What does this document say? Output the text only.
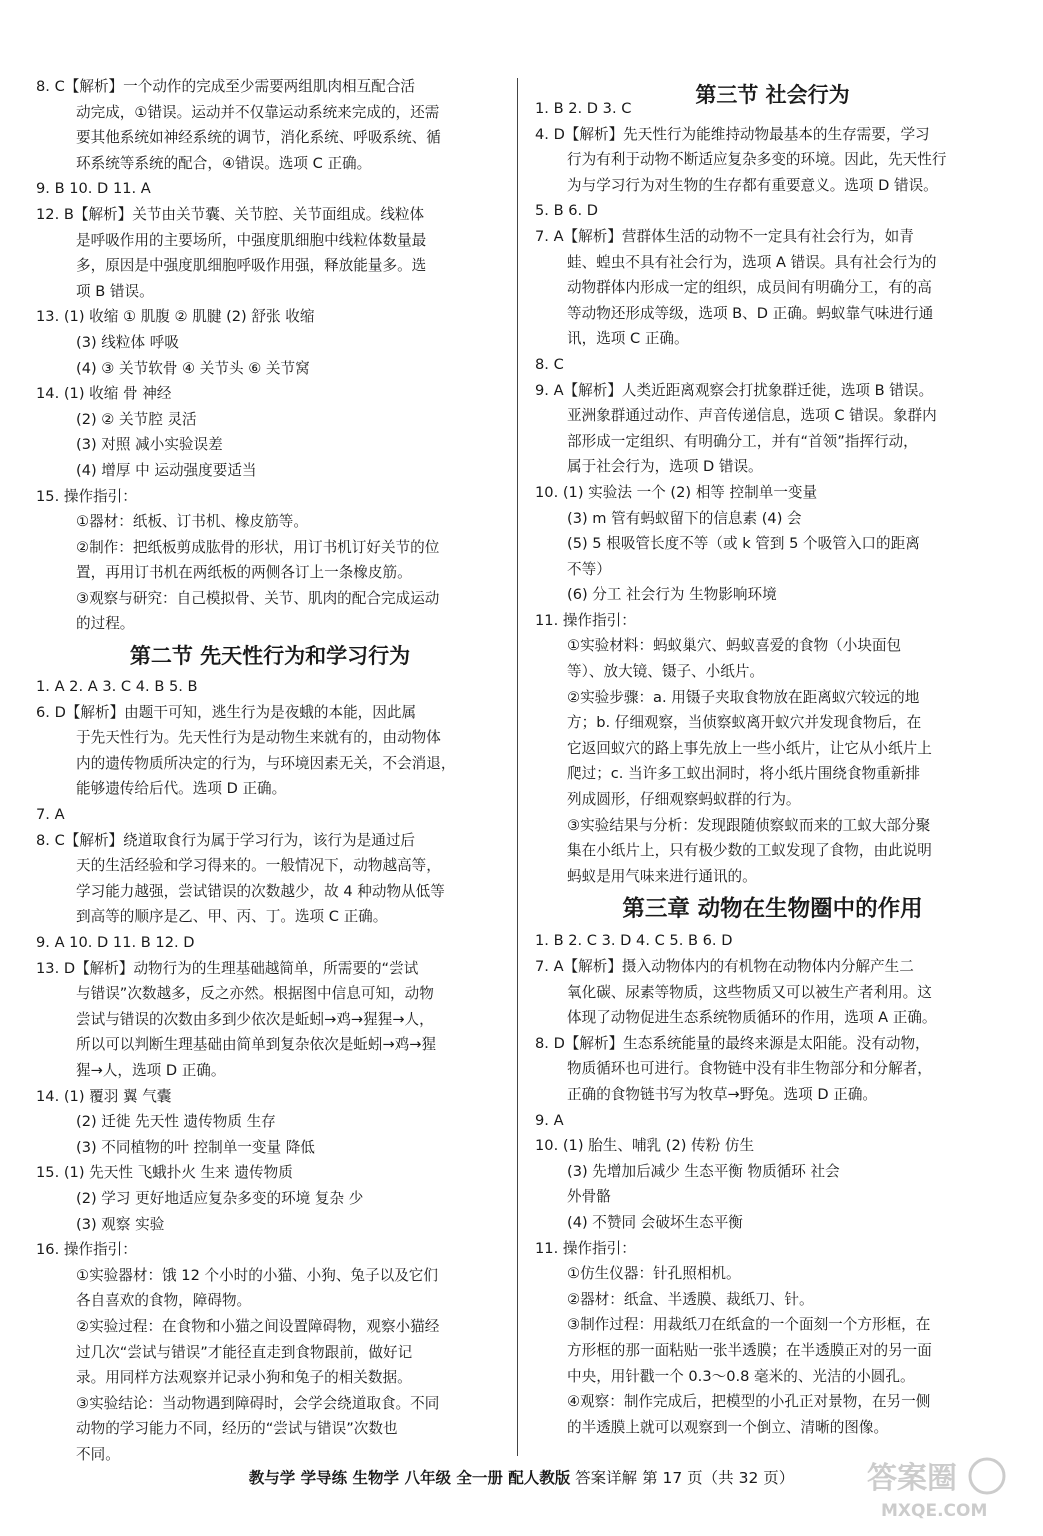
8. C【解析】一个动作的完成至少需要两组肌肉相互配合活
动完成，①错误。运动并不仅靠运动系统来完成的，还需
要其他系统如神经系统的调节，消化系统、呼吸系统、循
环系统等系统的配合，④错误。选项 C 正确。
9. B 10. D 11. A
12. B【解析】关节由关节囊、关节腔、关节面组成。线粒体
是呼吸作用的主要场所，中强度肌细胞中线粒体数量最
多，原因是中强度肌细胞呼吸作用强，释放能量多。选
项 B 错误。
13. (1) 收缩 ① 肌腹 ② 肌腱 (2) 舒张 收缩
(3) 线粒体 呼吸
(4) ③ 关节软骨 ④ 关节头 ⑥ 关节窝
14. (1) 收缩 骨 神经
(2) ② 关节腔 灵活
(3) 对照 减小实验误差
(4) 增厚 中 运动强度要适当
15. 操作指引：
①器材：纸板、订书机、橡皮筋等。
②制作：把纸板剪成肱骨的形状，用订书机订好关节的位
置，再用订书机在两纸板的两侧各订上一条橡皮筋。
③观察与研究：自己模拟骨、关节、肌肉的配合完成运动
的过程。
第二节 先天性行为和学习行为
1. A 2. A 3. C 4. B 5. B
6. D【解析】由题干可知，逃生行为是夜蛾的本能，因此属
于先天性行为。先天性行为是动物生来就有的，由动物体
内的遗传物质所决定的行为，与环境因素无关，不会消退，
能够遗传给后代。选项 D 正确。
7. A
8. C【解析】绕道取食行为属于学习行为，该行为是通过后
天的生活经验和学习得来的。一般情况下，动物越高等，
学习能力越强，尝试错误的次数越少，故 4 种动物从低等
到高等的顺序是乙、甲、丙、丁。选项 C 正确。
9. A 10. D 11. B 12. D
13. D【解析】动物行为的生理基础越简单，所需要的“尝试
与错误”次数越多，反之亦然。根据图中信息可知，动物
尝试与错误的次数由多到少依次是蚯蚓→鸡→猩猩→人，
所以可以判断生理基础由简单到复杂依次是蚯蚓→鸡→猩
猩→人，选项 D 正确。
14. (1) 覆羽 翼 气囊
(2) 迁徙 先天性 遗传物质 生存
(3) 不同植物的叶 控制单一变量 降低
15. (1) 先天性 飞蛾扑火 生来 遗传物质
(2) 学习 更好地适应复杂多变的环境 复杂 少
(3) 观察 实验
16. 操作指引：
①实验器材：饿 12 个小时的小猫、小狗、兔子以及它们
各自喜欢的食物，障碍物。
②实验过程：在食物和小猫之间设置障碍物，观察小猫经
过几次“尝试与错误”才能径直走到食物跟前，做好记
录。用同样方法观察并记录小狗和兔子的相关数据。
③实验结论：当动物遇到障碍时，会学会绕道取食。不同
动物的学习能力不同，经历的“尝试与错误”次数也
不同。
第三节 社会行为
1. B 2. D 3. C
4. D【解析】先天性行为能维持动物最基本的生存需要，学习
行为有利于动物不断适应复杂多变的环境。因此，先天性行
为与学习行为对生物的生存都有重要意义。选项 D 错误。
5. B 6. D
7. A【解析】营群体生活的动物不一定具有社会行为，如青
蛙、蝗虫不具有社会行为，选项 A 错误。具有社会行为的
动物群体内形成一定的组织，成员间有明确分工，有的高
等动物还形成等级，选项 B、D 正确。蚂蚁靠气味进行通
讯，选项 C 正确。
8. C
9. A【解析】人类近距离观察会打扰象群迁徙，选项 B 错误。
亚洲象群通过动作、声音传递信息，选项 C 错误。象群内
部形成一定组织、有明确分工，并有“首领”指挥行动，
属于社会行为，选项 D 错误。
10. (1) 实验法 一个 (2) 相等 控制单一变量
(3) m 管有蚂蚁留下的信息素 (4) 会
(5) 5 根吸管长度不等（或 k 管到 5 个吸管入口的距离
不等）
(6) 分工 社会行为 生物影响环境
11. 操作指引：
①实验材料：蚂蚁巢穴、蚂蚁喜爱的食物（小块面包
等）、放大镜、镊子、小纸片。
②实验步骤：a. 用镊子夹取食物放在距离蚁穴较远的地
方；b. 仔细观察，当侦察蚁离开蚁穴并发现食物后，在
它返回蚁穴的路上事先放上一些小纸片，让它从小纸片上
爬过；c. 当许多工蚁出洞时，将小纸片围绕食物重新排
列成圆形，仔细观察蚂蚁群的行为。
③实验结果与分析：发现跟随侦察蚁而来的工蚁大部分聚
集在小纸片上，只有极少数的工蚁发现了食物，由此说明
蚂蚁是用气味来进行通讯的。
第三章 动物在生物圈中的作用
1. B 2. C 3. D 4. C 5. B 6. D
7. A【解析】摄入动物体内的有机物在动物体内分解产生二
氧化碳、尿素等物质，这些物质又可以被生产者利用。这
体现了动物促进生态系统物质循环的作用，选项 A 正确。
8. D【解析】生态系统能量的最终来源是太阳能。没有动物，
物质循环也可进行。食物链中没有非生物部分和分解者，
正确的食物链书写为牧草→野兔。选项 D 正确。
9. A
10. (1) 胎生、哺乳 (2) 传粉 仿生
(3) 先增加后减少 生态平衡 物质循环 社会
外骨骼
(4) 不赞同 会破坏生态平衡
11. 操作指引：
①仿生仪器：针孔照相机。
②器材：纸盒、半透膜、裁纸刀、针。
③制作过程：用裁纸刀在纸盒的一个面刻一个方形框，在
方形框的那一面粘贴一张半透膜；在半透膜正对的另一面
中央，用针戳一个 0.3～0.8 毫米的、光洁的小圆孔。
④观察：制作完成后，把模型的小孔正对景物，在另一侧
的半透膜上就可以观察到一个倒立、清晰的图像。
教与学 学导练 生物学 八年级 全一册 配人教版 答案详解 第 17 页（共 32 页）	答案圈
MXQE.COM
